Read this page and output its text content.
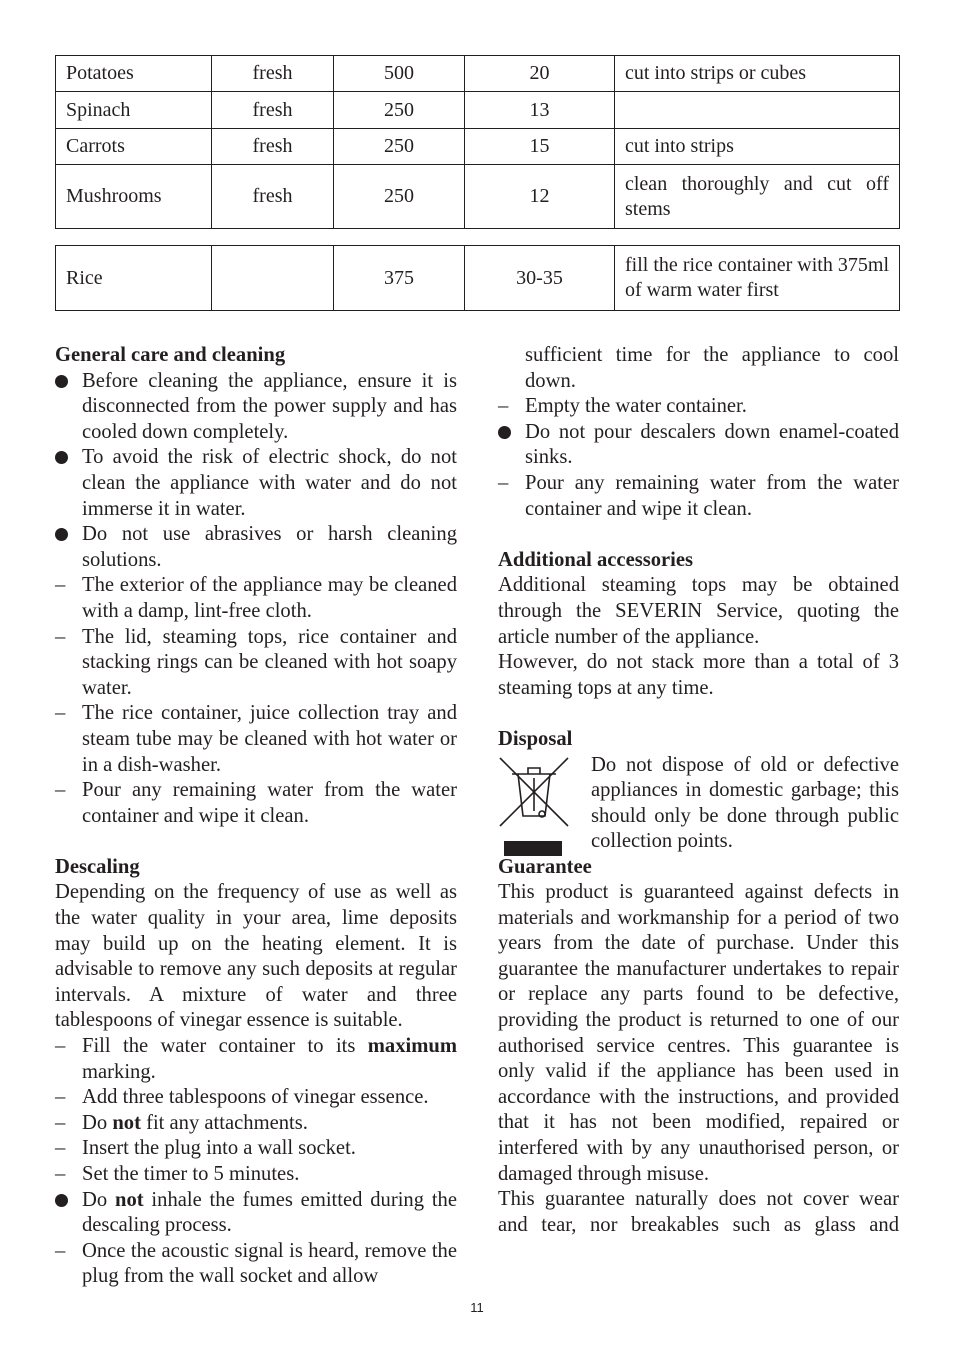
Potatoes	fresh	500	20	cut into strips or cubes
Spinach	fresh	250	13	
Carrots	fresh	250	15	cut into strips
Mushrooms	fresh	250	12	clean thoroughly and cut off stems
Rice		375	30-35	fill the rice container with 375ml of warm water first
General care and cleaning
Before cleaning the appliance, ensure it is disconnected from the power supply and has cooled down completely.
To avoid the risk of electric shock, do not clean the appliance with water and do not immerse it in water.
Do not use abrasives or harsh cleaning solutions.
– The exterior of the appliance may be cleaned with a damp, lint-free cloth.
– The lid, steaming tops, rice container and stacking rings can be cleaned with hot soapy water.
– The rice container, juice collection tray and steam tube may be cleaned with hot water or in a dish-washer.
– Pour any remaining water from the water container and wipe it clean.
Descaling

Depending on the frequency of use as well as the water quality in your area, lime deposits may build up on the heating element. It is advisable to remove any such deposits at regular intervals. A mixture of water and three tablespoons of vinegar essence is suitable.

– Fill the water container to its maximum marking.
– Add three tablespoons of vinegar essence.
– Do not fit any attachments.
– Insert the plug into a wall socket.
– Set the timer to 5 minutes.
Do not inhale the fumes emitted during the descaling process.
– Once the acoustic signal is heard, remove the plug from the wall socket and allow

sufficient time for the appliance to cool down.

– Empty the water container.
Do not pour descalers down enamel-coated sinks.
– Pour any remaining water from the water container and wipe it clean.
Additional accessories

Additional steaming tops may be obtained through the SEVERIN Service, quoting the article number of the appliance.

However, do not stack more than a total of 3 steaming tops at any time.

Disposal

Do not dispose of old or defective appliances in domestic garbage; this should only be done through public collection points.

Guarantee

This product is guaranteed against defects in materials and workmanship for a period of two years from the date of purchase. Under this guarantee the manufacturer undertakes to repair or replace any parts found to be defective, providing the product is returned to one of our authorised service centres. This guarantee is only valid if the appliance has been used in accordance with the instructions, and provided that it has not been modified, repaired or interfered with by any unauthorised person, or damaged through misuse.

This guarantee naturally does not cover wear and tear, nor breakables such as glass and

11
